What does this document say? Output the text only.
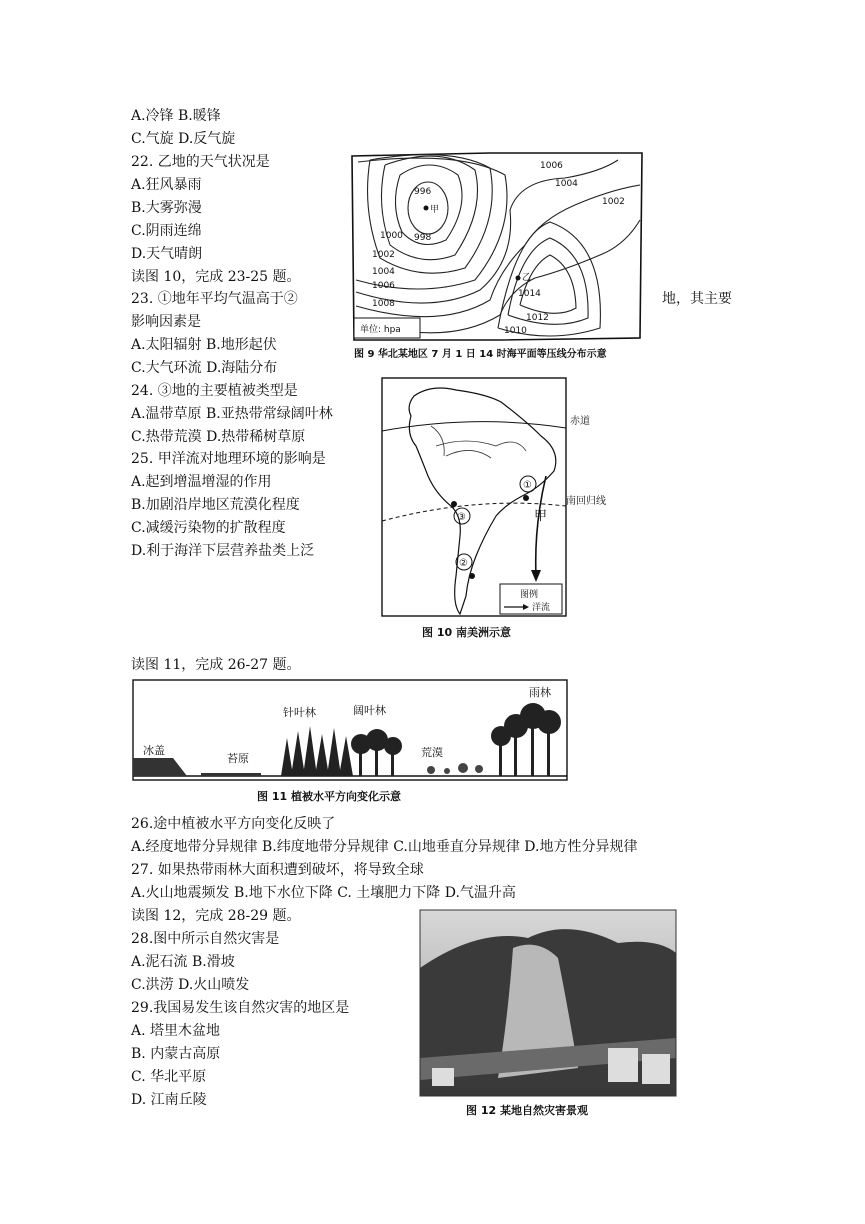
A.冷锋 B.暖锋
C.气旋 D.反气旋
22. 乙地的天气状况是
A.狂风暴雨
B.大雾弥漫
C.阴雨连绵
D.天气晴朗
读图 10，完成 23-25 题。
23. ①地年平均气温高于②	地，其主要
影响因素是
A.太阳辐射 B.地形起伏
C.大气环流 D.海陆分布
24. ③地的主要植被类型是
A.温带草原 B.亚热带常绿阔叶林
C.热带荒漠 D.热带稀树草原
25. 甲洋流对地理环境的影响是
A.起到增温增湿的作用
B.加剧沿岸地区荒漠化程度
C.减缓污染物的扩散程度
D.利于海洋下层营养盐类上泛
读图 11，完成 26-27 题。
26.途中植被水平方向变化反映了
A.经度地带分异规律 B.纬度地带分异规律 C.山地垂直分异规律 D.地方性分异规律
27. 如果热带雨林大面积遭到破坏，将导致全球
A.火山地震频发 B.地下水位下降 C. 土壤肥力下降 D.气温升高
读图 12，完成 28-29 题。
28.图中所示自然灾害是
A.泥石流 B.滑坡
C.洪涝 D.火山喷发
29.我国易发生该自然灾害的地区是
A. 塔里木盆地
B. 内蒙古高原
C. 华北平原
D. 江南丘陵
996
甲
1000 998
1002
1004
1006
1008
1006
1004
1002
乙
1014
1012
1010
单位: hpa
图 9 华北某地区 7 月 1 日 14 时海平面等压线分布示意
赤道
南回归线
①
③
②
甲
图例
洋流
图 10 南美洲示意
冰盖
苔原
针叶林	阔叶林
荒漠
雨林
图 11 植被水平方向变化示意
图 12 某地自然灾害景观
